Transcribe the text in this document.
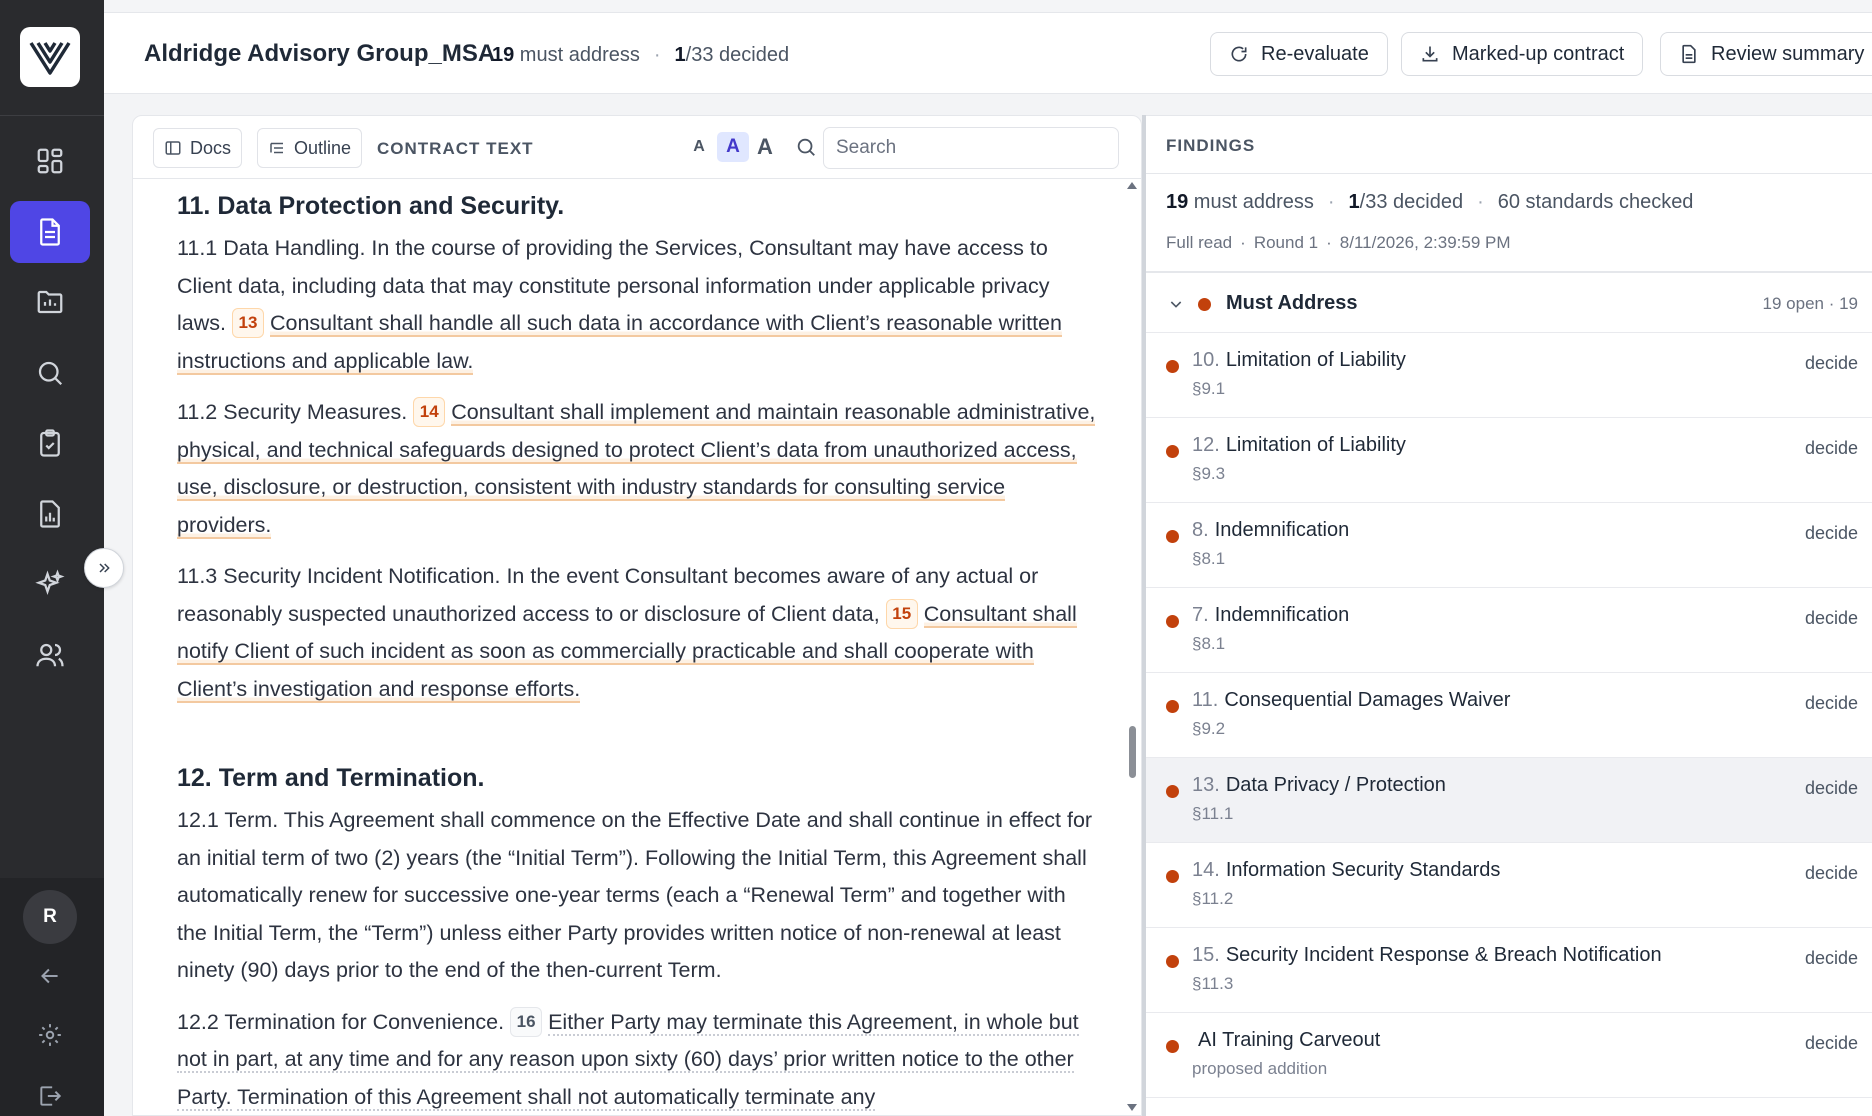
R
Aldridge Advisory Group_MSA
19 must address · 1/33 decided	Re-evaluate	Marked-up contract	Review summary
Docs	Outline CONTRACT TEXT	A	A A
Search
11. Data Protection and Security.

11.1 Data Handling. In the course of providing the Services, Consultant may have access to Client data, including data that may constitute personal information under applicable privacy laws. 13 Consultant shall handle all such data in accordance with Client’s reasonable written instructions and applicable law.

11.2 Security Measures. 14 Consultant shall implement and maintain reasonable administrative, physical, and technical safeguards designed to protect Client’s data from unauthorized access, use, disclosure, or destruction, consistent with industry standards for consulting service providers.

11.3 Security Incident Notification. In the event Consultant becomes aware of any actual or reasonably suspected unauthorized access to or disclosure of Client data, 15 Consultant shall notify Client of such incident as soon as commercially practicable and shall cooperate with Client’s investigation and response efforts.

12. Term and Termination.

12.1 Term. This Agreement shall commence on the Effective Date and shall continue in effect for an initial term of two (2) years (the “Initial Term”). Following the Initial Term, this Agreement shall automatically renew for successive one-year terms (each a “Renewal Term” and together with the Initial Term, the “Term”) unless either Party provides written notice of non-renewal at least ninety (90) days prior to the end of the then-current Term.

12.2 Termination for Convenience. 16 Either Party may terminate this Agreement, in whole but not in part, at any time and for any reason upon sixty (60) days’ prior written notice to the other Party. Termination of this Agreement shall not automatically terminate any

FINDINGS
19 must address · 1/33 decided · 60 standards checked
Full read · Round 1 · 8/11/2026, 2:39:59 PM
Must Address	19 open · 19
10. Limitation of Liability
§9.1
decide
12. Limitation of Liability
§9.3
decide
8. Indemnification
§8.1
decide
7. Indemnification
§8.1
decide
11. Consequential Damages Waiver
§9.2
decide
13. Data Privacy / Protection
§11.1
decide
14. Information Security Standards
§11.2
decide
15. Security Incident Response & Breach Notification
§11.3
decide
AI Training Carveout
proposed addition
decide
